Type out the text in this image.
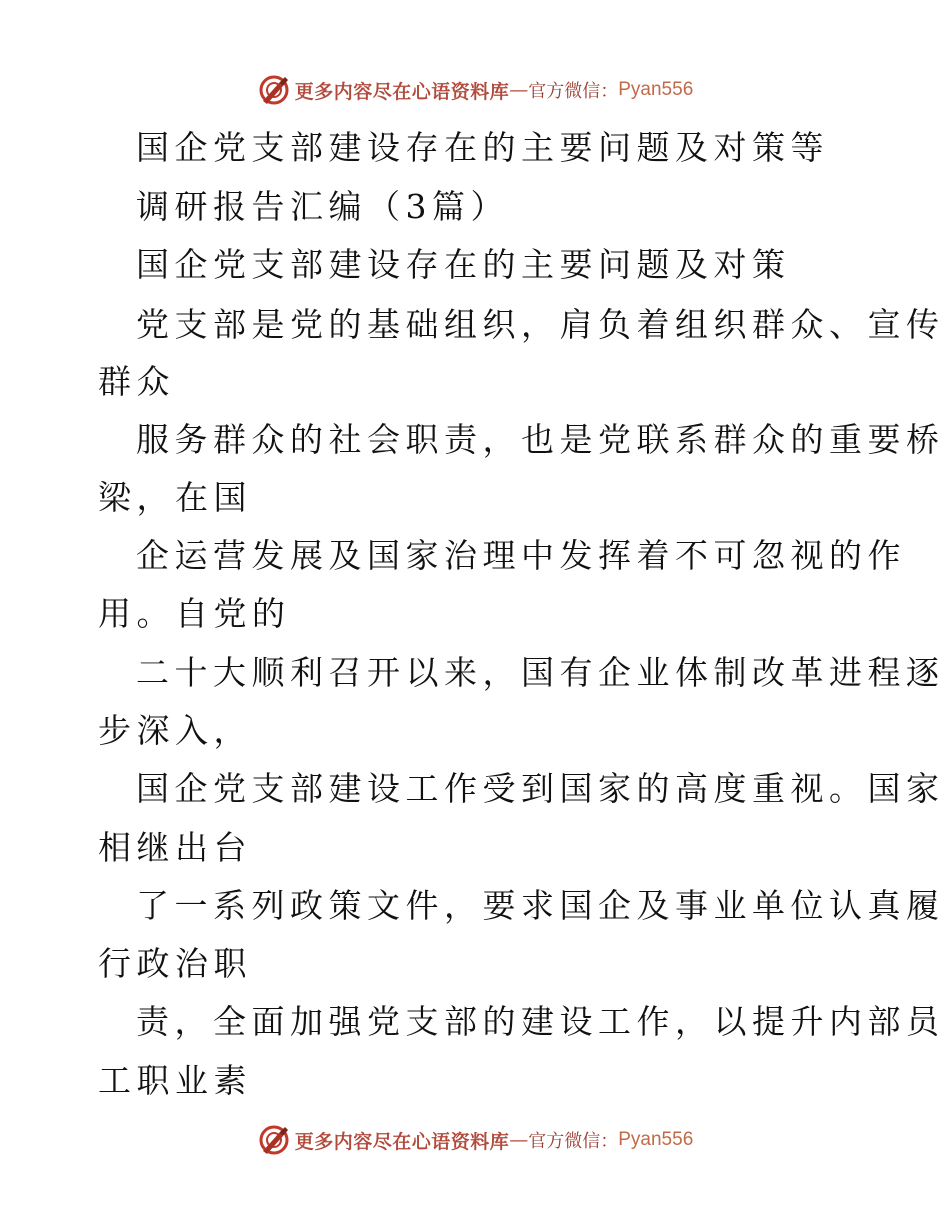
更多内容尽在心语资料库 — 官方微信： Pyan556
国企党支部建设存在的主要问题及对策等
调研报告汇编（3篇）
国企党支部建设存在的主要问题及对策
党支部是党的基础组织，肩负着组织群众、宣传
群众
服务群众的社会职责，也是党联系群众的重要桥
梁，在国
企运营发展及国家治理中发挥着不可忽视的作
用。自党的
二十大顺利召开以来，国有企业体制改革进程逐
步深入，
国企党支部建设工作受到国家的高度重视。国家
相继出台
了一系列政策文件，要求国企及事业单位认真履
行政治职
责，全面加强党支部的建设工作，以提升内部员
工职业素
更多内容尽在心语资料库 — 官方微信： Pyan556
